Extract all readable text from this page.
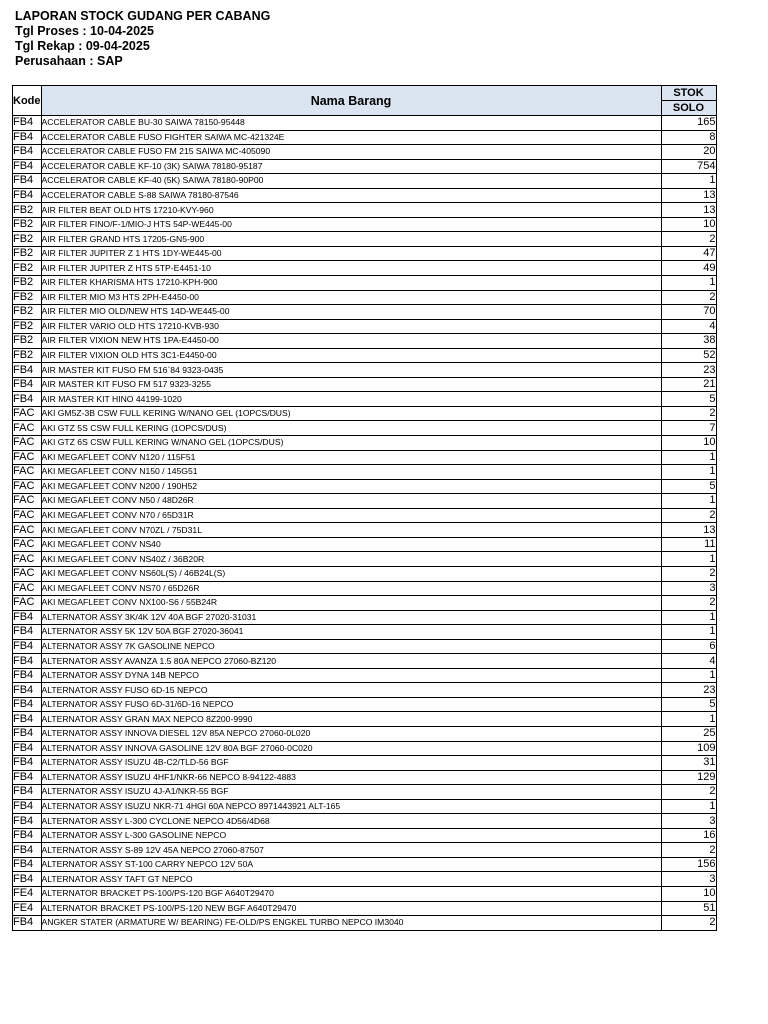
LAPORAN STOCK GUDANG PER CABANG
Tgl Proses : 10-04-2025
Tgl Rekap : 09-04-2025
Perusahaan : SAP
Kode	Nama Barang	STOK
		SOLO
FB4	ACCELERATOR CABLE BU-30 SAIWA 78150-95448	165
FB4	ACCELERATOR CABLE FUSO FIGHTER SAIWA MC-421324E	8
FB4	ACCELERATOR CABLE FUSO FM 215 SAIWA MC-405090	20
FB4	ACCELERATOR CABLE KF-10 (3K) SAIWA 78180-95187	754
FB4	ACCELERATOR CABLE KF-40 (5K) SAIWA 78180-90P00	1
FB4	ACCELERATOR CABLE S-88 SAIWA 78180-87546	13
FB2	AIR FILTER BEAT OLD HTS 17210-KVY-960	13
FB2	AIR FILTER FINO/F-1/MIO-J HTS 54P-WE445-00	10
FB2	AIR FILTER GRAND HTS 17205-GN5-900	2
FB2	AIR FILTER JUPITER Z 1 HTS 1DY-WE445-00	47
FB2	AIR FILTER JUPITER Z HTS 5TP-E4451-10	49
FB2	AIR FILTER KHARISMA HTS 17210-KPH-900	1
FB2	AIR FILTER MIO M3 HTS 2PH-E4450-00	2
FB2	AIR FILTER MIO OLD/NEW HTS 14D-WE445-00	70
FB2	AIR FILTER VARIO OLD HTS 17210-KVB-930	4
FB2	AIR FILTER VIXION NEW HTS 1PA-E4450-00	38
FB2	AIR FILTER VIXION OLD HTS 3C1-E4450-00	52
FB4	AIR MASTER KIT FUSO FM 516`84 9323-0435	23
FB4	AIR MASTER KIT FUSO FM 517 9323-3255	21
FB4	AIR MASTER KIT HINO 44199-1020	5
FAC	AKI GM5Z-3B CSW FULL KERING W/NANO GEL (1OPCS/DUS)	2
FAC	AKI GTZ 5S CSW FULL KERING (1OPCS/DUS)	7
FAC	AKI GTZ 6S CSW FULL KERING W/NANO GEL (1OPCS/DUS)	10
FAC	AKI MEGAFLEET CONV N120 / 115F51	1
FAC	AKI MEGAFLEET CONV N150 / 145G51	1
FAC	AKI MEGAFLEET CONV N200 / 190H52	5
FAC	AKI MEGAFLEET CONV N50 / 48D26R	1
FAC	AKI MEGAFLEET CONV N70 / 65D31R	2
FAC	AKI MEGAFLEET CONV N70ZL / 75D31L	13
FAC	AKI MEGAFLEET CONV NS40	11
FAC	AKI MEGAFLEET CONV NS40Z / 36B20R	1
FAC	AKI MEGAFLEET CONV NS60L(S) / 46B24L(S)	2
FAC	AKI MEGAFLEET CONV NS70 / 65D26R	3
FAC	AKI MEGAFLEET CONV NX100-S6 / 55B24R	2
FB4	ALTERNATOR ASSY 3K/4K 12V 40A BGF 27020-31031	1
FB4	ALTERNATOR ASSY 5K 12V 50A BGF 27020-36041	1
FB4	ALTERNATOR ASSY 7K GASOLINE NEPCO	6
FB4	ALTERNATOR ASSY AVANZA 1.5 80A NEPCO 27060-BZ120	4
FB4	ALTERNATOR ASSY DYNA 14B NEPCO	1
FB4	ALTERNATOR ASSY FUSO 6D-15 NEPCO	23
FB4	ALTERNATOR ASSY FUSO 6D-31/6D-16 NEPCO	5
FB4	ALTERNATOR ASSY GRAN MAX NEPCO 8Z200-9990	1
FB4	ALTERNATOR ASSY INNOVA DIESEL 12V 85A NEPCO 27060-0L020	25
FB4	ALTERNATOR ASSY INNOVA GASOLINE 12V 80A BGF 27060-0C020	109
FB4	ALTERNATOR ASSY ISUZU 4B-C2/TLD-56 BGF	31
FB4	ALTERNATOR ASSY ISUZU 4HF1/NKR-66 NEPCO 8-94122-4883	129
FB4	ALTERNATOR ASSY ISUZU 4J-A1/NKR-55 BGF	2
FB4	ALTERNATOR ASSY ISUZU NKR-71 4HGI 60A NEPCO 8971443921 ALT-165	1
FB4	ALTERNATOR ASSY L-300 CYCLONE NEPCO 4D56/4D68	3
FB4	ALTERNATOR ASSY L-300 GASOLINE NEPCO	16
FB4	ALTERNATOR ASSY S-89 12V 45A NEPCO 27060-87507	2
FB4	ALTERNATOR ASSY ST-100 CARRY NEPCO 12V 50A	156
FB4	ALTERNATOR ASSY TAFT GT NEPCO	3
FE4	ALTERNATOR BRACKET PS-100/PS-120 BGF A640T29470	10
FE4	ALTERNATOR BRACKET PS-100/PS-120 NEW BGF A640T29470	51
FB4	ANGKER STATER (ARMATURE W/ BEARING) FE-OLD/PS ENGKEL TURBO NEPCO IM3040	2
